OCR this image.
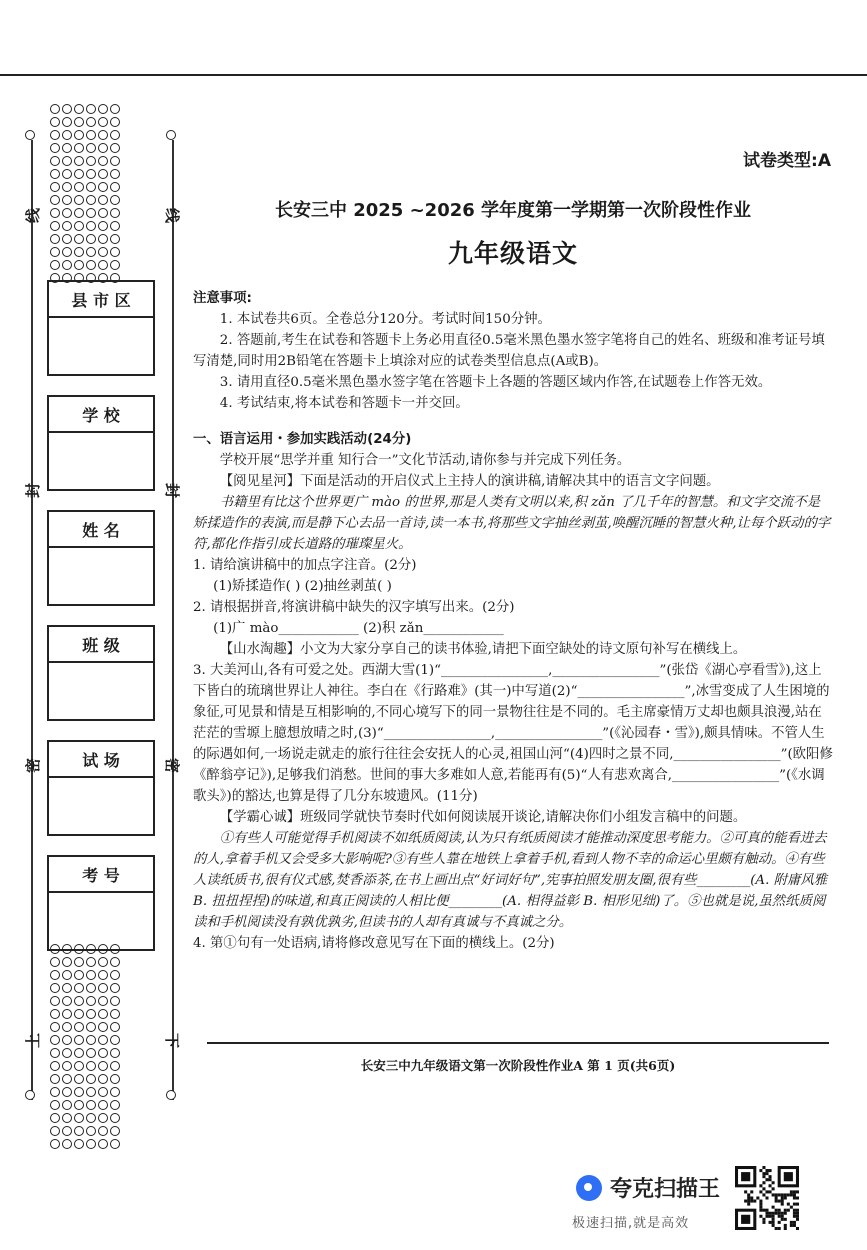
线
封
密
上
线
封
密
下
县 市 区
学 校
姓 名
班 级
试 场
考 号
试卷类型:A
长安三中 2025 ~2026 学年度第一学期第一次阶段性作业
九年级语文

注意事项:

1. 本试卷共6页。全卷总分120分。考试时间150分钟。

2. 答题前,考生在试卷和答题卡上务必用直径0.5毫米黑色墨水签字笔将自己的姓名、班级和准考证号填写清楚,同时用2B铅笔在答题卡上填涂对应的试卷类型信息点(A或B)。

3. 请用直径0.5毫米黑色墨水签字笔在答题卡上各题的答题区域内作答,在试题卷上作答无效。

4. 考试结束,将本试卷和答题卡一并交回。

一、语言运用・参加实践活动(24分)

学校开展“思学并重 知行合一”文化节活动,请你参与并完成下列任务。

【阅见星河】下面是活动的开启仪式上主持人的演讲稿,请解决其中的语言文字问题。

书籍里有比这个世界更广 mào 的世界,那是人类有文明以来,积 zǎn 了几千年的智慧。和文字交流不是矫揉造作的表演,而是静下心去品一首诗,读一本书,将那些文字抽丝剥茧,唤醒沉睡的智慧火种,让每个跃动的字符,都化作指引成长道路的璀璨星火。

1. 请给演讲稿中的加点字注音。(2分)

(1)矫揉造作( ) (2)抽丝剥茧( )

2. 请根据拼音,将演讲稿中缺失的汉字填写出来。(2分)

(1)广 mào____________ (2)积 zǎn____________

【山水淘趣】小文为大家分享自己的读书体验,请把下面空缺处的诗文原句补写在横线上。

3. 大美河山,各有可爱之处。西湖大雪(1)“________________,________________”(张岱《湖心亭看雪》),这上下皆白的琉璃世界让人神往。李白在《行路难》(其一)中写道(2)“________________”,冰雪变成了人生困境的象征,可见景和情是互相影响的,不同心境写下的同一景物往往是不同的。毛主席豪情万丈却也颇具浪漫,站在茫茫的雪塬上臆想放晴之时,(3)“________________,________________”(《沁园春・雪》),颇具情味。不管人生的际遇如何,一场说走就走的旅行往往会安抚人的心灵,祖国山河“(4)四时之景不同,________________”(欧阳修《醉翁亭记》),足够我们消愁。世间的事大多难如人意,若能再有(5)“人有悲欢离合,________________”(《水调歌头》)的豁达,也算是得了几分东坡遗风。(11分)

【学霸心诚】班级同学就快节奏时代如何阅读展开谈论,请解决你们小组发言稿中的问题。

①有些人可能觉得手机阅读不如纸质阅读,认为只有纸质阅读才能推动深度思考能力。②可真的能看进去的人,拿着手机又会受多大影响呢?③有些人靠在地铁上拿着手机,看到人物不幸的命运心里颇有触动。④有些人读纸质书,很有仪式感,焚香添茶,在书上画出点“好词好句”,宪事拍照发朋友圈,很有些________(A. 附庸风雅 B. 扭扭捏捏)的味道,和真正阅读的人相比便________(A. 相得益彰 B. 相形见绌)了。⑤也就是说,虽然纸质阅读和手机阅读没有孰优孰劣,但读书的人却有真诚与不真诚之分。

4. 第①句有一处语病,请将修改意见写在下面的横线上。(2分)

长安三中九年级语文第一次阶段性作业A 第 1 页(共6页)
夸克扫描王
极速扫描,就是高效
